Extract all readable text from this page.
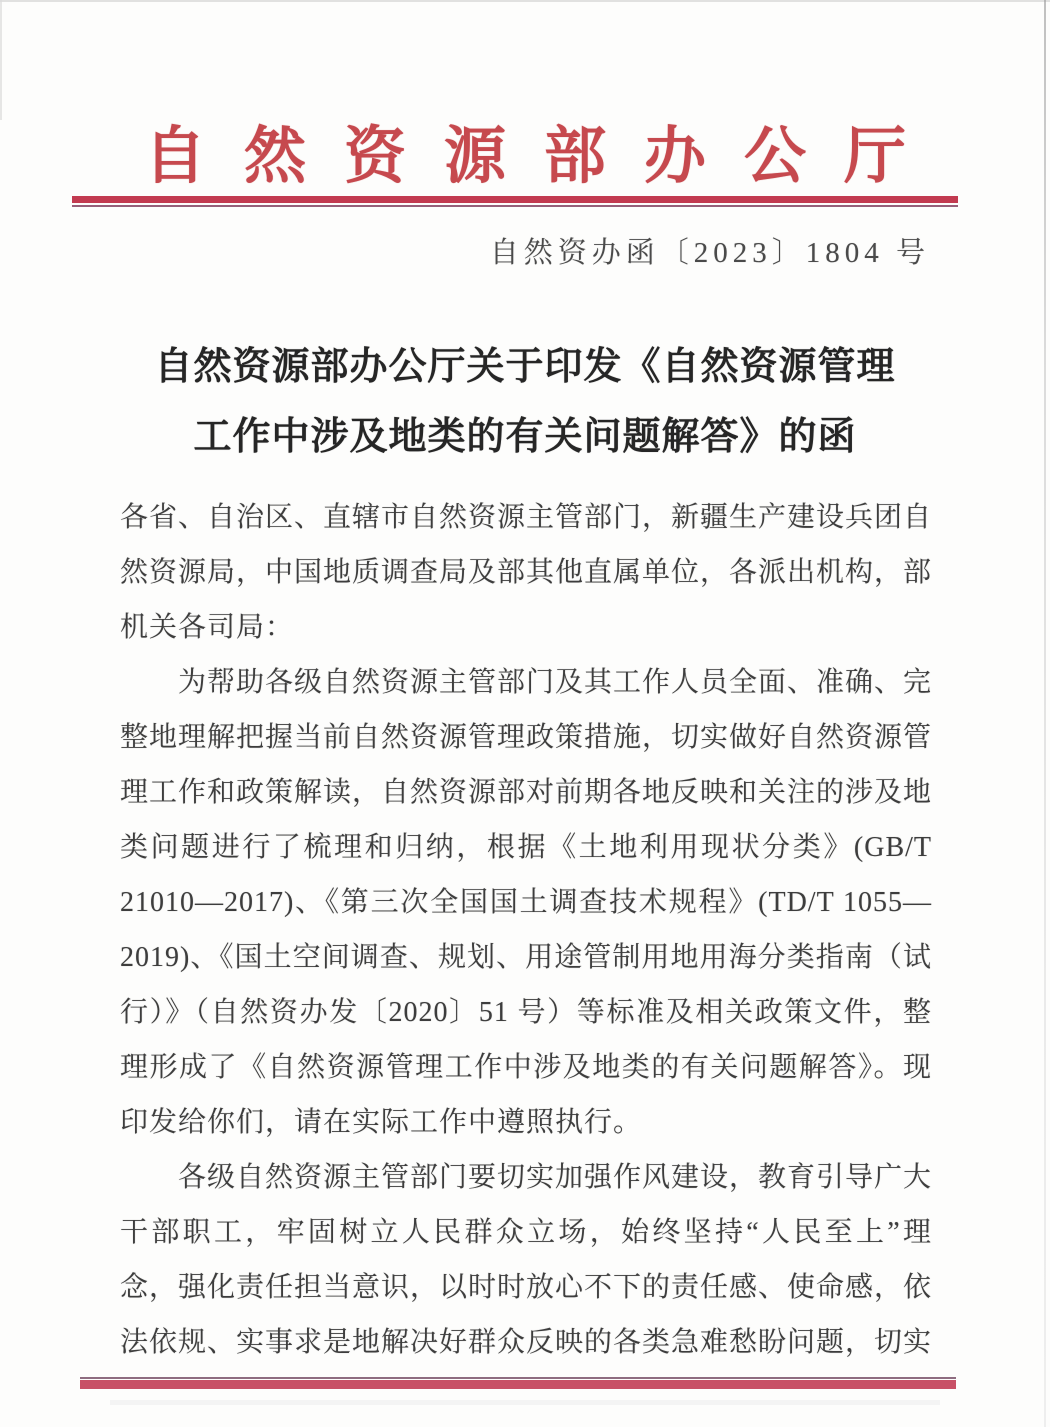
自然资源部办公厅
自然资办函〔2023〕1804 号
自然资源部办公厅关于印发《自然资源管理
工作中涉及地类的有关问题解答》的函
各省、自治区、直辖市自然资源主管部门，新疆生产建设兵团自
然资源局，中国地质调查局及部其他直属单位，各派出机构，部
机关各司局：
　　为帮助各级自然资源主管部门及其工作人员全面、准确、完
整地理解把握当前自然资源管理政策措施，切实做好自然资源管
理工作和政策解读，自然资源部对前期各地反映和关注的涉及地
类问题进行了梳理和归纳，根据《土地利用现状分类》(GB/T
21010—2017)、《第三次全国国土调查技术规程》(TD/T 1055—
2019)、《国土空间调查、规划、用途管制用地用海分类指南（试
行）》（自然资办发〔2020〕51 号）等标准及相关政策文件，整
理形成了《自然资源管理工作中涉及地类的有关问题解答》。现
印发给你们，请在实际工作中遵照执行。
　　各级自然资源主管部门要切实加强作风建设，教育引导广大
干部职工，牢固树立人民群众立场，始终坚持“人民至上”理
念，强化责任担当意识，以时时放心不下的责任感、使命感，依
法依规、实事求是地解决好群众反映的各类急难愁盼问题，切实
